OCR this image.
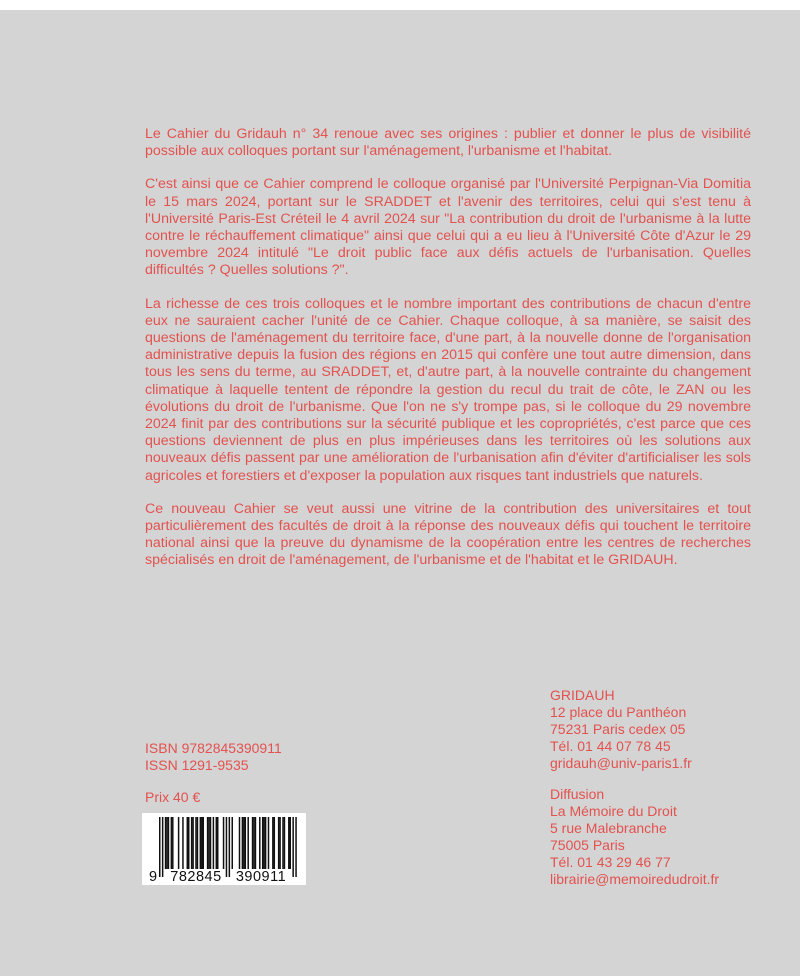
Le Cahier du Gridauh n° 34 renoue avec ses origines : publier et donner le plus de visibilité possible aux colloques portant sur l'aménagement, l'urbanisme et l'habitat.

C'est ainsi que ce Cahier comprend le colloque organisé par l'Université Perpignan-Via Domitia le 15 mars 2024, portant sur le SRADDET et l'avenir des territoires, celui qui s'est tenu à l'Université Paris-Est Créteil le 4 avril 2024 sur "La contribution du droit de l'urbanisme à la lutte contre le réchauffement climatique" ainsi que celui qui a eu lieu à l'Université Côte d'Azur le 29 novembre 2024 intitulé "Le droit public face aux défis actuels de l'urbanisation. Quelles difficultés ? Quelles solutions ?".

La richesse de ces trois colloques et le nombre important des contributions de chacun d'entre eux ne sauraient cacher l'unité de ce Cahier. Chaque colloque, à sa manière, se saisit des questions de l'aménagement du territoire face, d'une part, à la nouvelle donne de l'organisation administrative depuis la fusion des régions en 2015 qui confère une tout autre dimension, dans tous les sens du terme, au SRADDET, et, d'autre part, à la nouvelle contrainte du changement climatique à laquelle tentent de répondre la gestion du recul du trait de côte, le ZAN ou les évolutions du droit de l'urbanisme. Que l'on ne s'y trompe pas, si le colloque du 29 novembre 2024 finit par des contributions sur la sécurité publique et les copropriétés, c'est parce que ces questions deviennent de plus en plus impérieuses dans les territoires où les solutions aux nouveaux défis passent par une amélioration de l'urbanisation afin d'éviter d'artificialiser les sols agricoles et forestiers et d'exposer la population aux risques tant industriels que naturels.

Ce nouveau Cahier se veut aussi une vitrine de la contribution des universitaires et tout particulièrement des facultés de droit à la réponse des nouveaux défis qui touchent le territoire national ainsi que la preuve du dynamisme de la coopération entre les centres de recherches spécialisés en droit de l'aménagement, de l'urbanisme et de l'habitat et le GRIDAUH.

ISBN 9782845390911
ISSN 1291-9535
Prix 40 €
9 782845 390911
GRIDAUH
12 place du Panthéon
75231 Paris cedex 05
Tél. 01 44 07 78 45
gridauh@univ-paris1.fr
Diffusion
La Mémoire du Droit
5 rue Malebranche
75005 Paris
Tél. 01 43 29 46 77
librairie@memoiredudroit.fr
